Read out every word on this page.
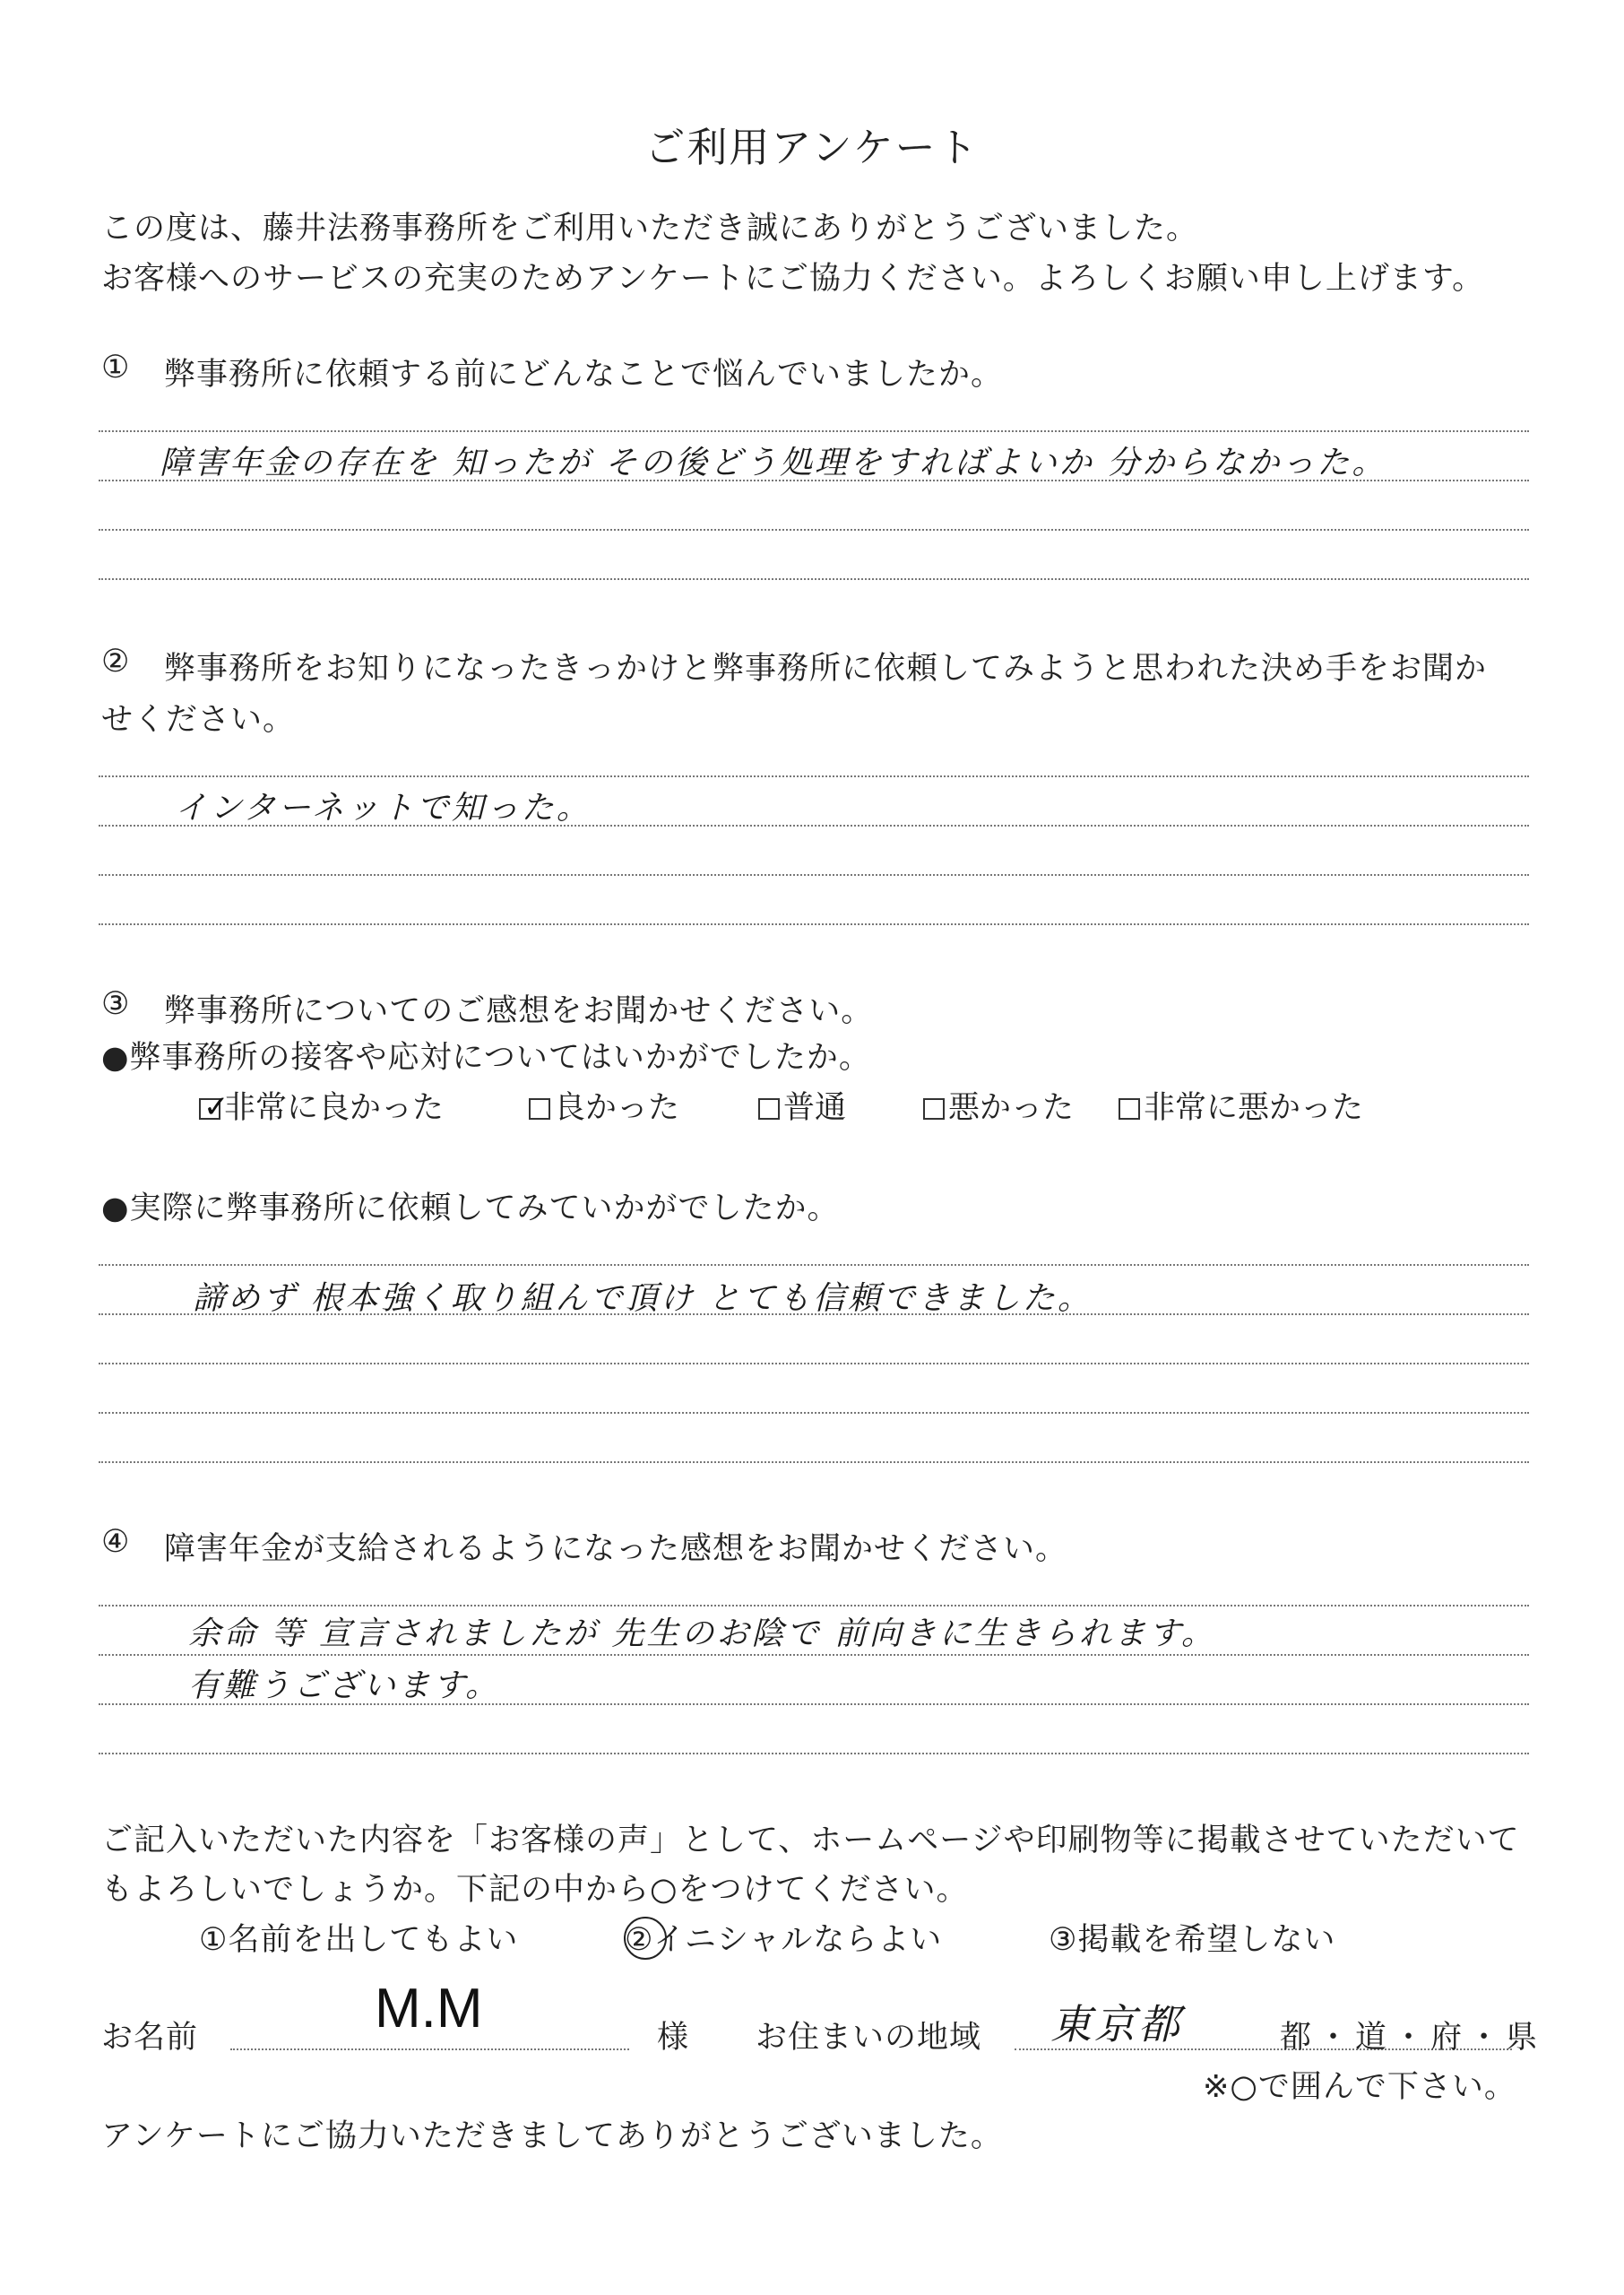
ご利用アンケート
この度は、藤井法務事務所をご利用いただき誠にありがとうございました。
お客様へのサービスの充実のためアンケートにご協力ください。よろしくお願い申し上げます。
① 弊事務所に依頼する前にどんなことで悩んでいましたか。
障害年金の存在を 知ったが その後どう処理をすればよいか 分からなかった。
② 弊事務所をお知りになったきっかけと弊事務所に依頼してみようと思われた決め手をお聞か
せください。
インターネットで知った。
③ 弊事務所についてのご感想をお聞かせください。
●弊事務所の接客や応対についてはいかがでしたか。
✓
非常に良かった	良かった	普通	悪かった	非常に悪かった
●実際に弊事務所に依頼してみていかがでしたか。
諦めず 根本強く取り組んで頂け とても信頼できました。
④ 障害年金が支給されるようになった感想をお聞かせください。
余命 等 宣言されましたが 先生のお陰で 前向きに生きられます。
有難うございます。
ご記入いただいた内容を「お客様の声」として、ホームページや印刷物等に掲載させていただいて
もよろしいでしょうか。下記の中から○をつけてください。
①名前を出してもよい	②イニシャルならよい	③掲載を希望しない
お名前	M.M	様 お住まいの地域 東京都	都 ・ 道 ・ 府 ・ 県
※○で囲んで下さい。
アンケートにご協力いただきましてありがとうございました。
